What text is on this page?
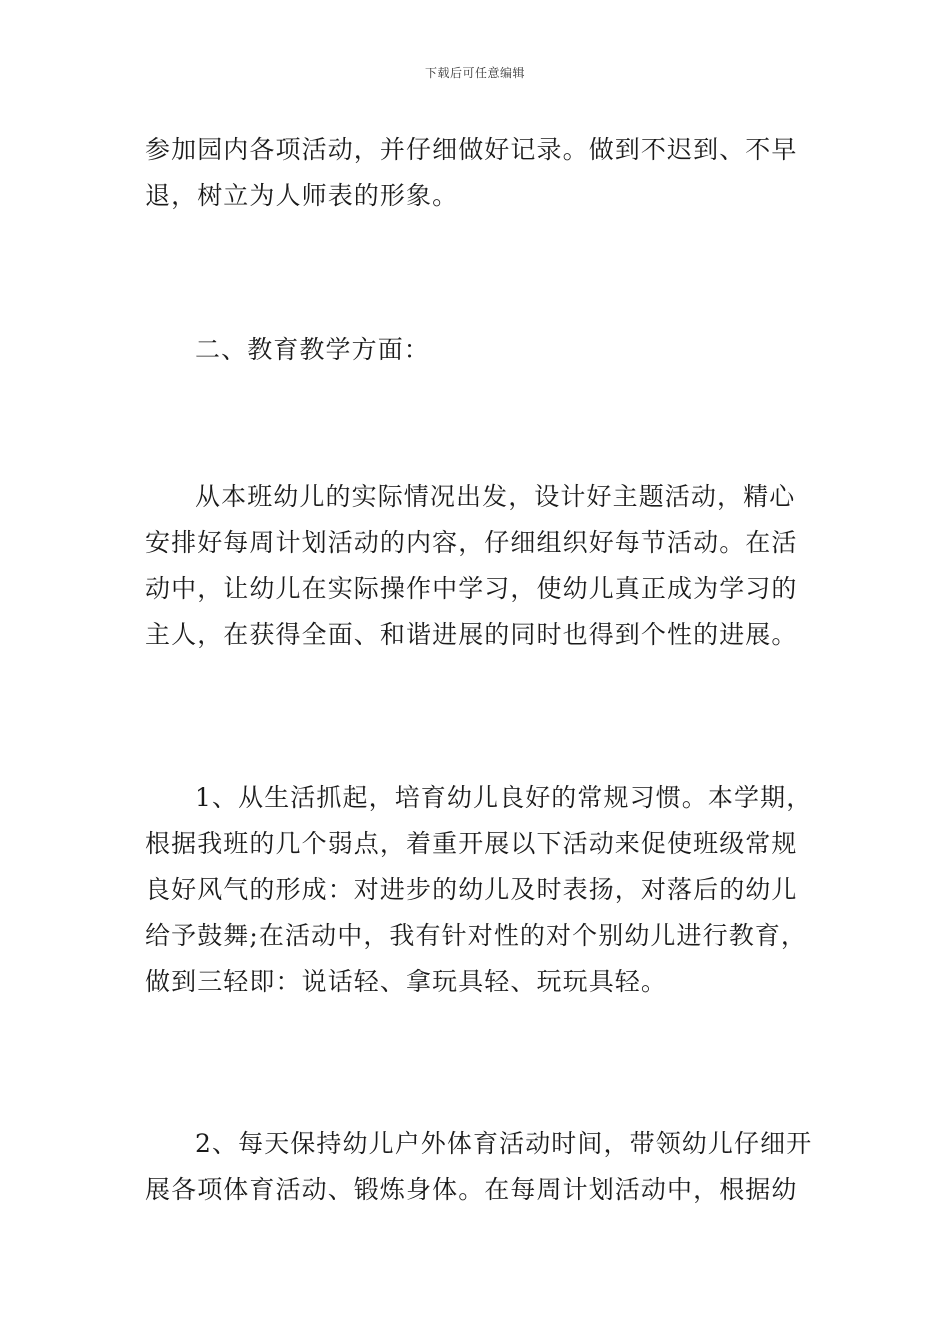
下载后可任意编辑
参加园内各项活动，并仔细做好记录。做到不迟到、不早
退，树立为人师表的形象。
二、教育教学方面：
从本班幼儿的实际情况出发，设计好主题活动，精心
安排好每周计划活动的内容，仔细组织好每节活动。在活
动中，让幼儿在实际操作中学习，使幼儿真正成为学习的
主人，在获得全面、和谐进展的同时也得到个性的进展。
1、从生活抓起，培育幼儿良好的常规习惯。本学期，
根据我班的几个弱点，着重开展以下活动来促使班级常规
良好风气的形成：对进步的幼儿及时表扬，对落后的幼儿
给予鼓舞;在活动中，我有针对性的对个别幼儿进行教育，
做到三轻即：说话轻、拿玩具轻、玩玩具轻。
2、每天保持幼儿户外体育活动时间，带领幼儿仔细开
展各项体育活动、锻炼身体。在每周计划活动中，根据幼
